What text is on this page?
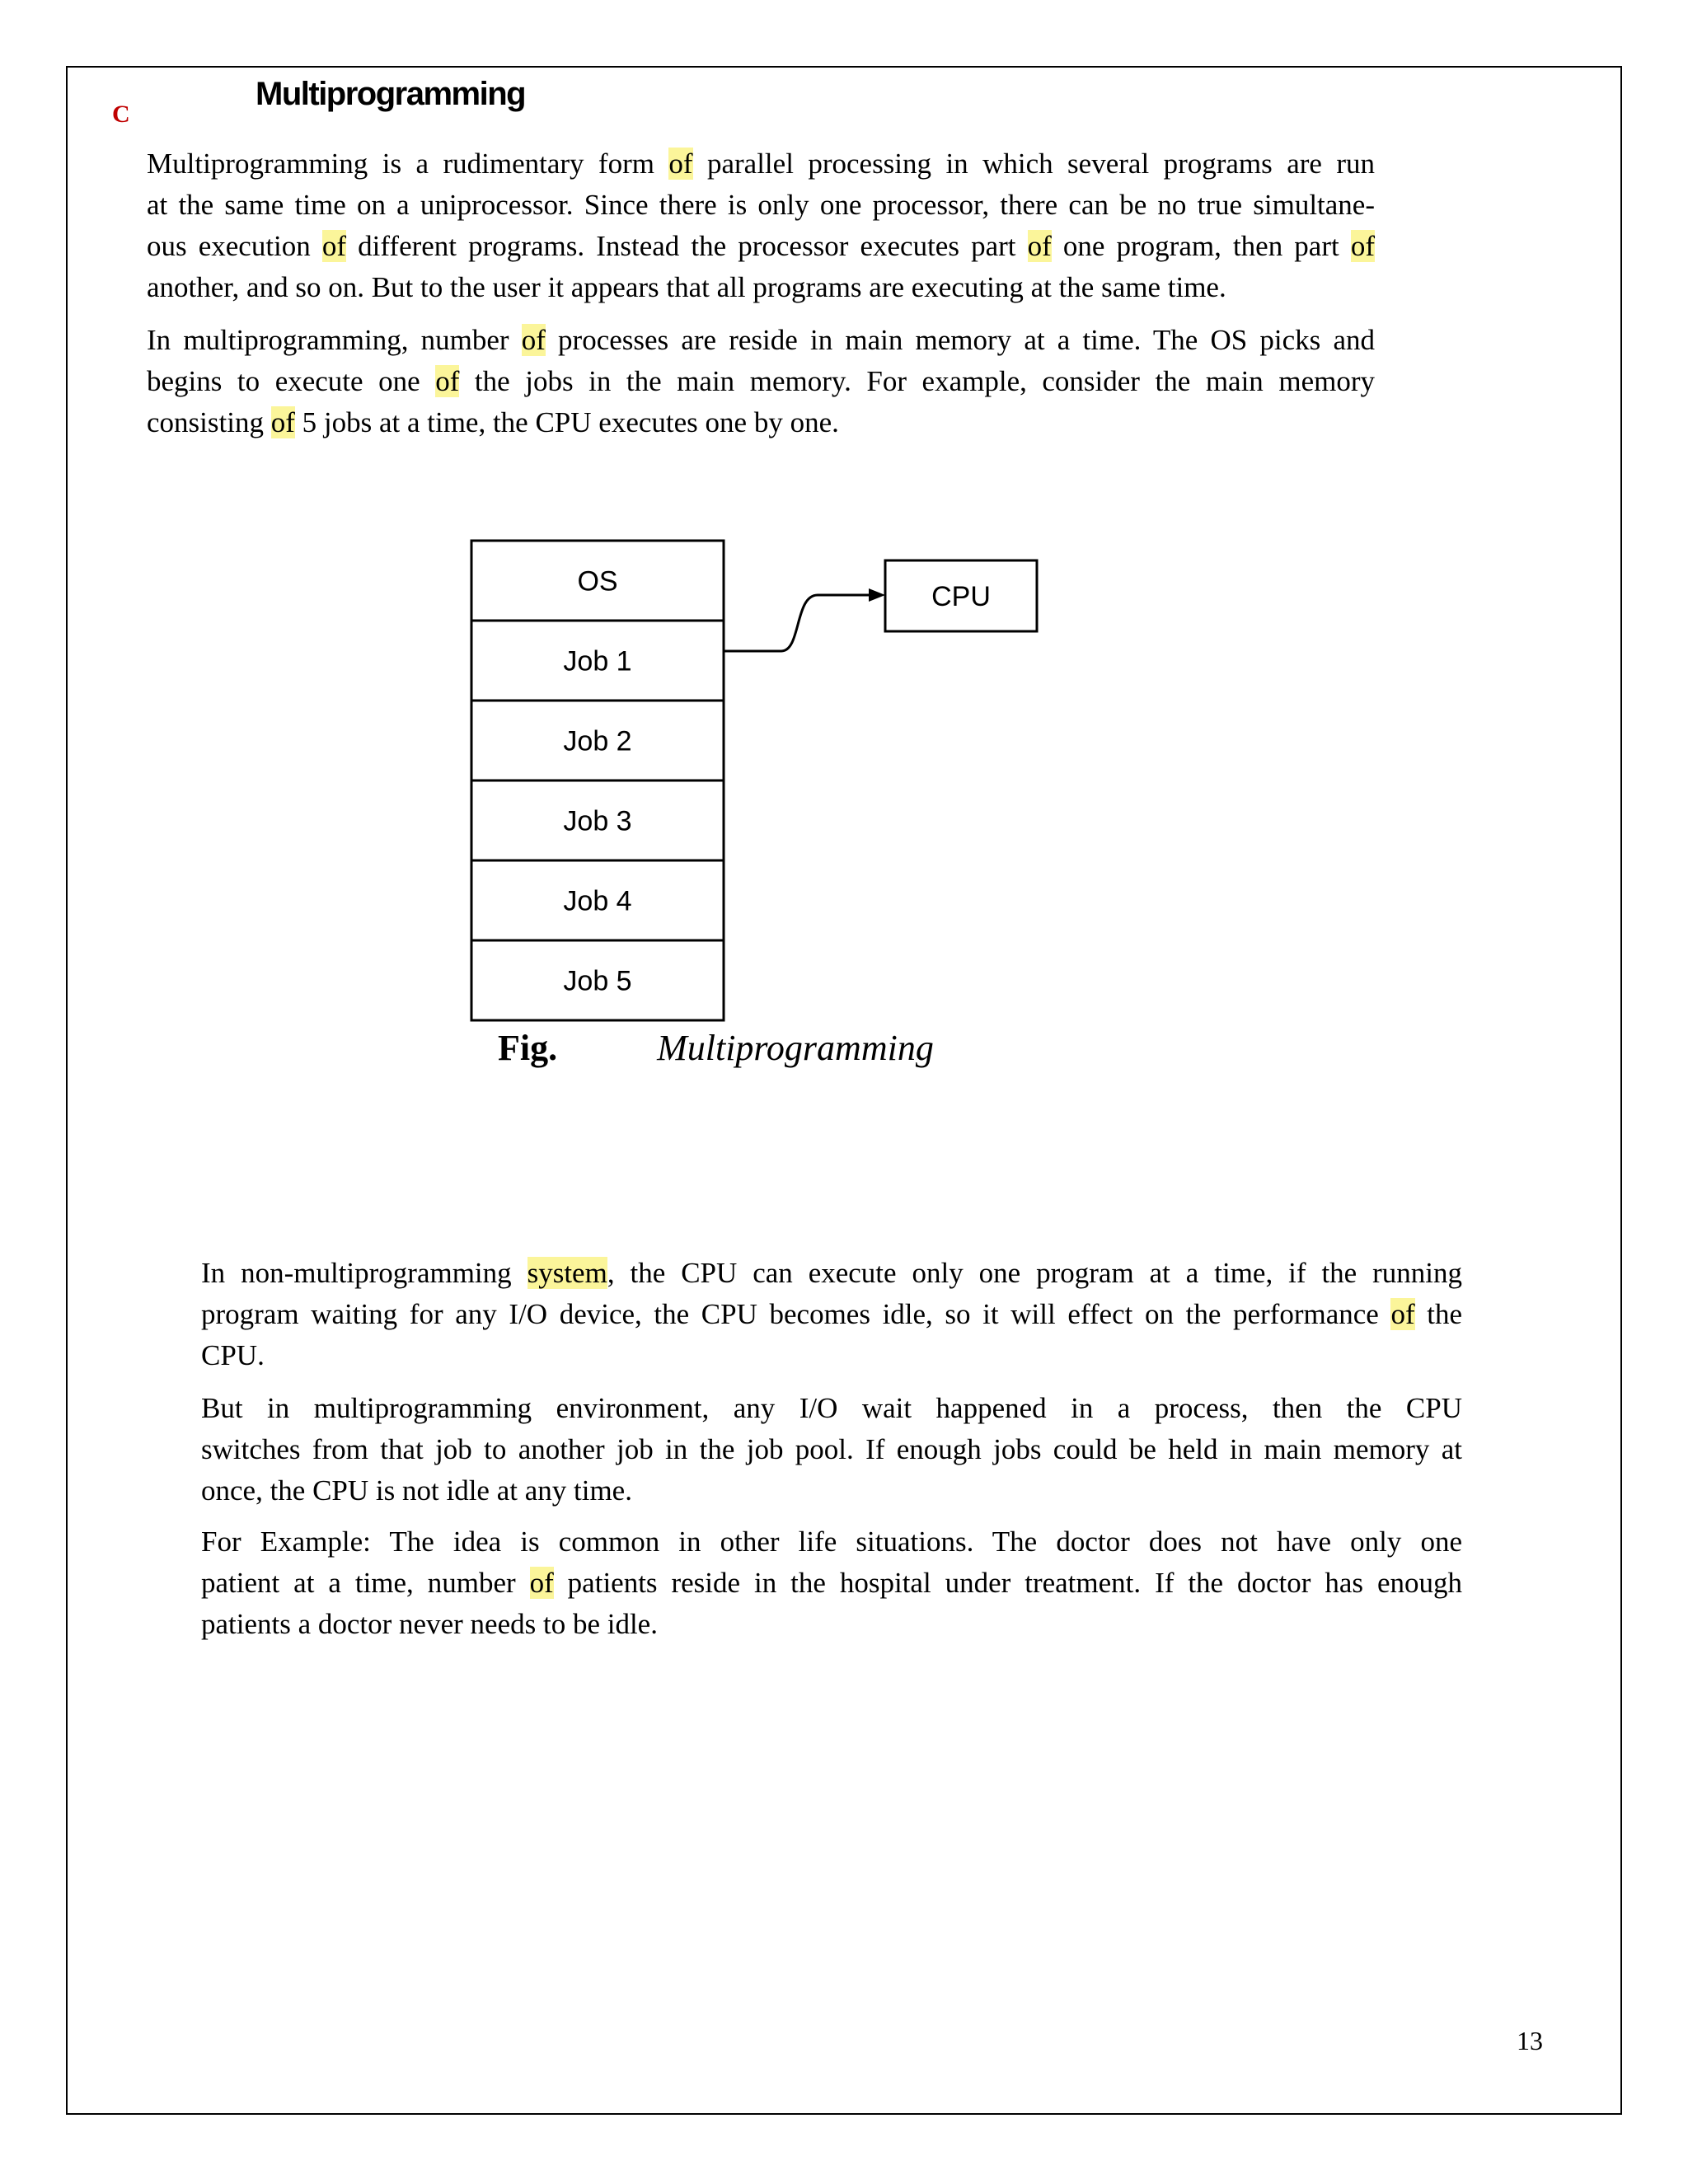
C
Multiprogramming
Multiprogramming is a rudimentary form of parallel processing in which several programs are run
at the same time on a uniprocessor. Since there is only one processor, there can be no true simultane-
ous execution of different programs. Instead the processor executes part of one program, then part of
another, and so on. But to the user it appears that all programs are executing at the same time.
In multiprogramming, number of processes are reside in main memory at a time. The OS picks and
begins to execute one of the jobs in the main memory. For example, consider the main memory
consisting of 5 jobs at a time, the CPU executes one by one.
OS
Job 1
Job 2
Job 3
Job 4
Job 5
CPU
Fig.	Multiprogramming
In non-multiprogramming system, the CPU can execute only one program at a time, if the running
program waiting for any I/O device, the CPU becomes idle, so it will effect on the performance of the
CPU.
But in multiprogramming environment, any I/O wait happened in a process, then the CPU
switches from that job to another job in the job pool. If enough jobs could be held in main memory at
once, the CPU is not idle at any time.
For Example: The idea is common in other life situations. The doctor does not have only one
patient at a time, number of patients reside in the hospital under treatment. If the doctor has enough
patients a doctor never needs to be idle.
13
